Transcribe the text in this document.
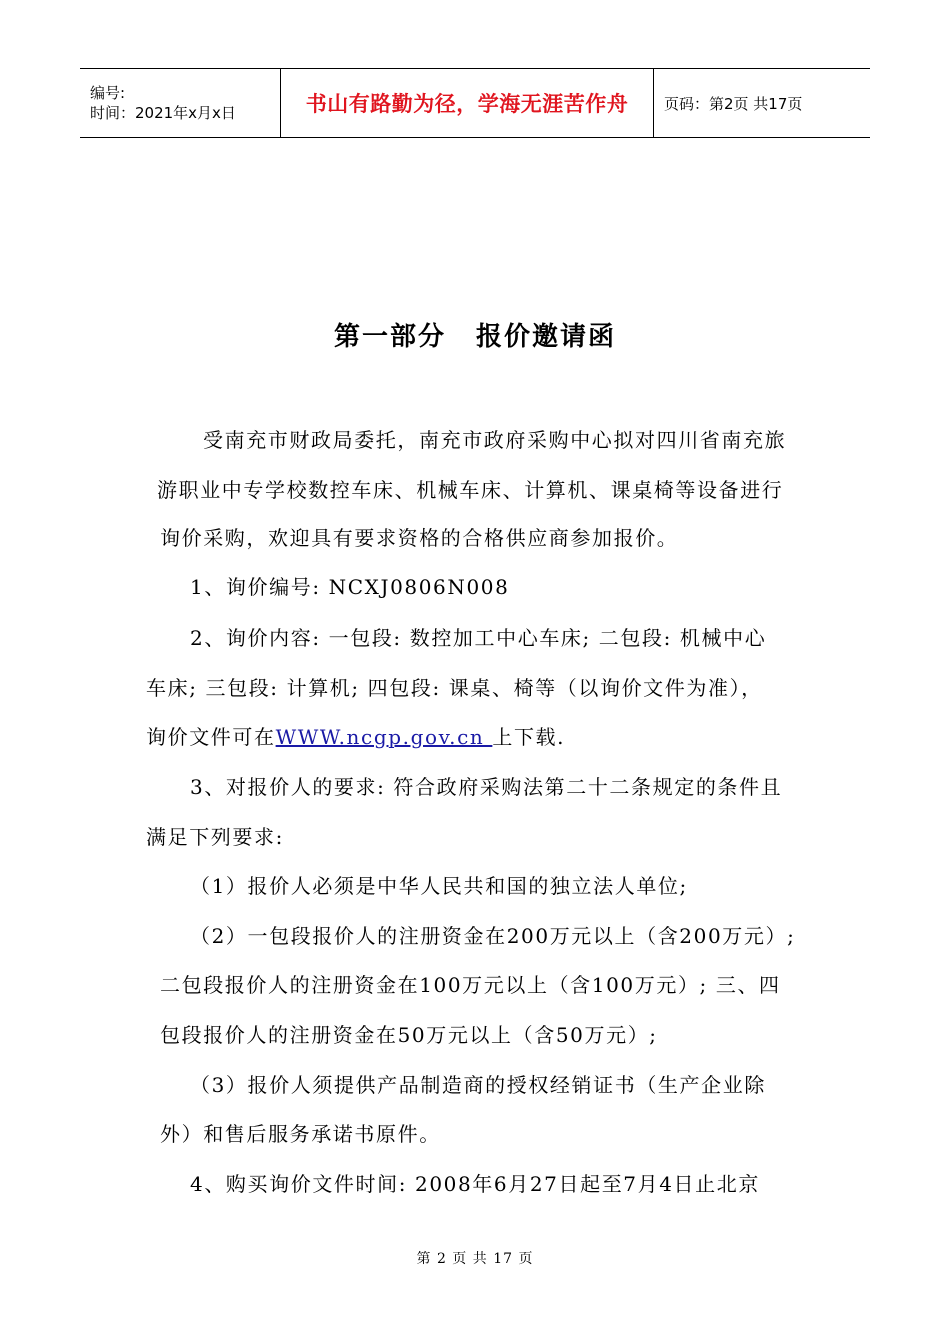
编号:
时间：2021年x月x日	书山有路勤为径，学海无涯苦作舟 页码：第2页 共17页
第一部分 报价邀请函
受南充市财政局委托，南充市政府采购中心拟对四川省南充旅
游职业中专学校数控车床、机械车床、计算机、课桌椅等设备进行
询价采购，欢迎具有要求资格的合格供应商参加报价。
1、询价编号: NCXJ0806N008
2、询价内容: 一包段: 数控加工中心车床; 二包段: 机械中心
车床; 三包段: 计算机; 四包段: 课桌、椅等（以询价文件为准），
询价文件可在WWW.ncgp.gov.cn 上下载.
3、对报价人的要求: 符合政府采购法第二十二条规定的条件且
满足下列要求:
（1）报价人必须是中华人民共和国的独立法人单位;
（2）一包段报价人的注册资金在200万元以上（含200万元）;
二包段报价人的注册资金在100万元以上（含100万元）; 三、四
包段报价人的注册资金在50万元以上（含50万元）;
（3）报价人须提供产品制造商的授权经销证书（生产企业除
外）和售后服务承诺书原件。
4、购买询价文件时间: 2008年6月27日起至7月4日止北京
第 2 页 共 17 页
